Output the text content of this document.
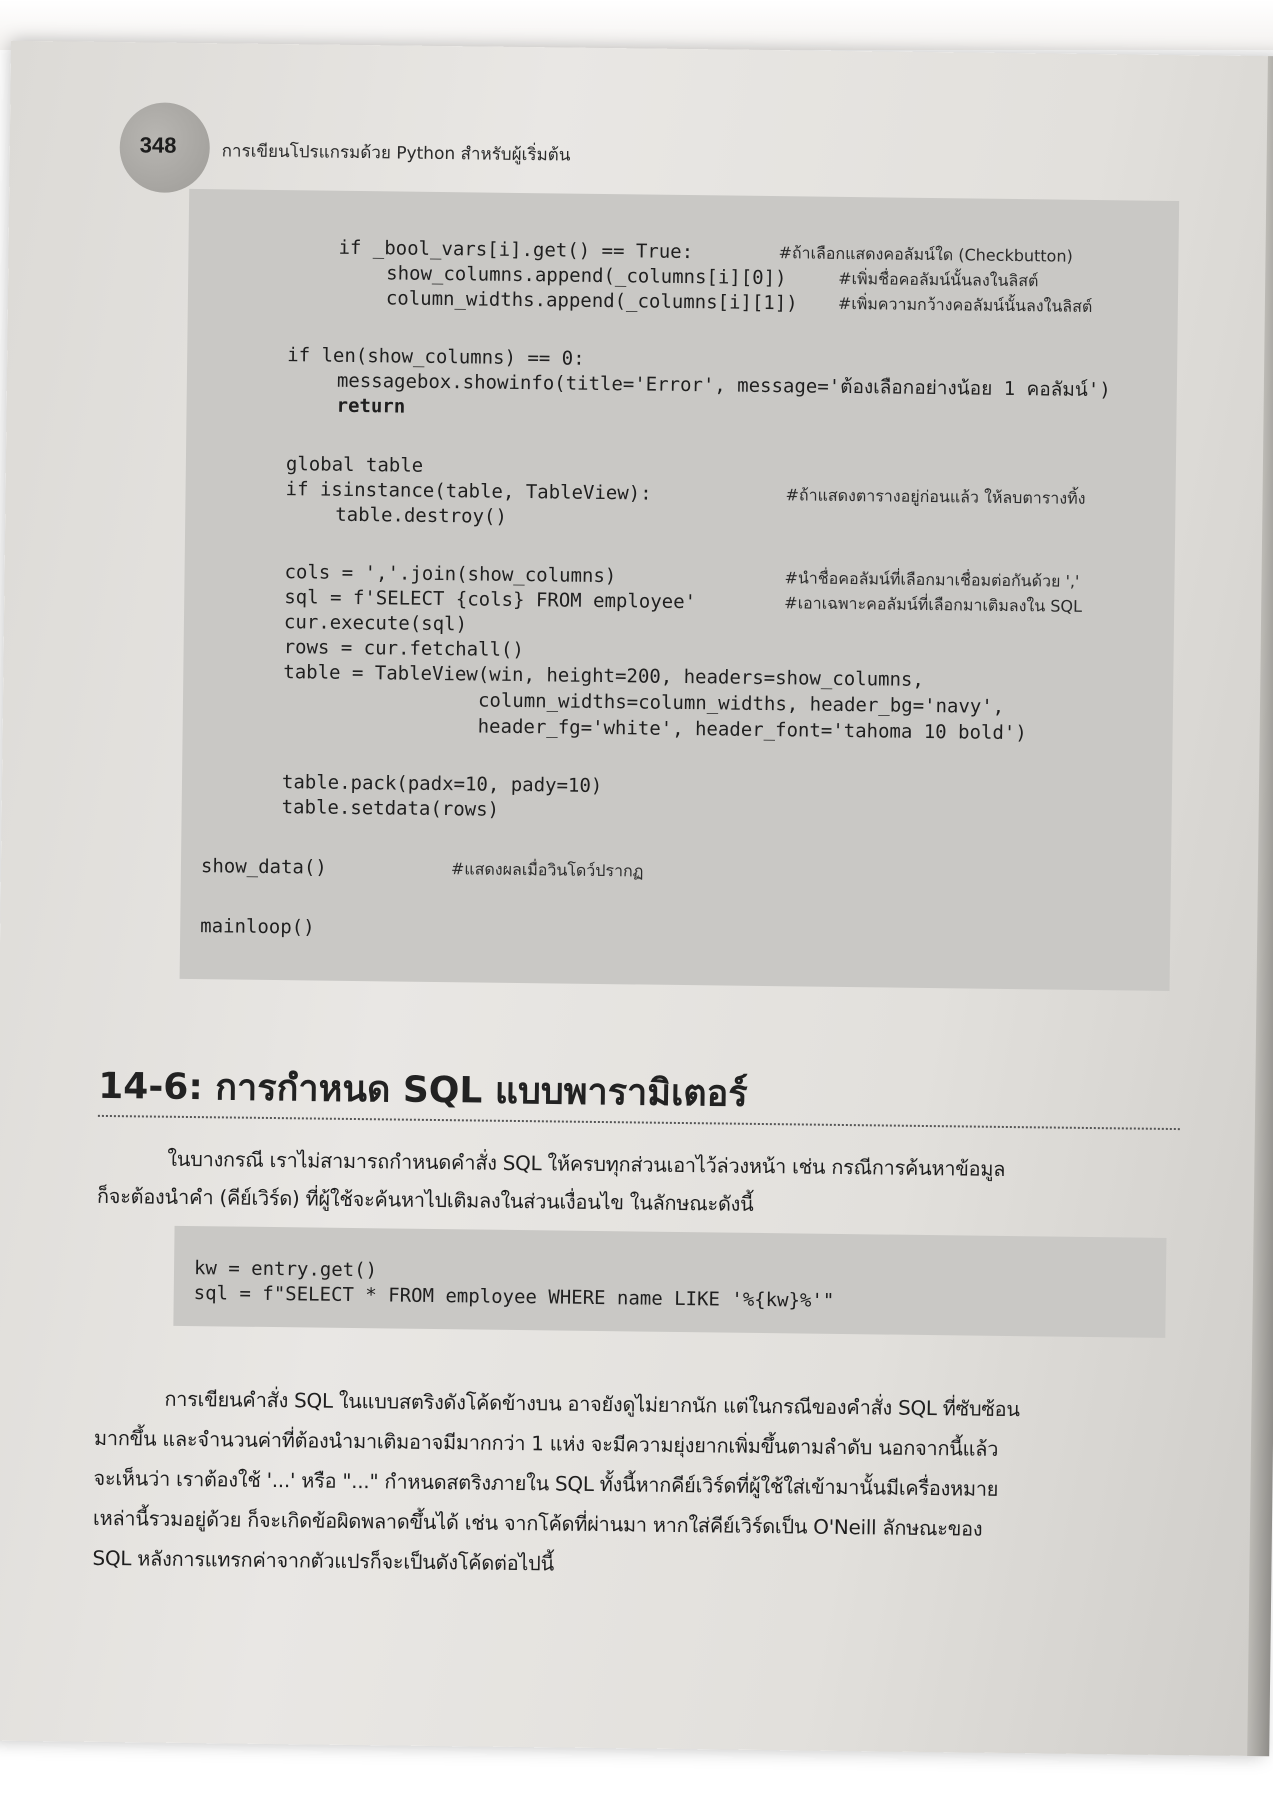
348	การเขียนโปรแกรมด้วย Python สำหรับผู้เริ่มต้น
if _bool_vars[i].get() == True:
show_columns.append(_columns[i][0])
column_widths.append(_columns[i][1])
if len(show_columns) == 0:
messagebox.showinfo(title='Error', message='ต้องเลือกอย่างน้อย 1 คอลัมน์')
return
global table
if isinstance(table, TableView):
table.destroy()
cols = ','.join(show_columns)
sql = f'SELECT {cols} FROM employee'
cur.execute(sql)
rows = cur.fetchall()
table = TableView(win, height=200, headers=show_columns,
column_widths=column_widths, header_bg='navy',
header_fg='white', header_font='tahoma 10 bold')
table.pack(padx=10, pady=10)
table.setdata(rows)
show_data()
mainloop()
#ถ้าเลือกแสดงคอลัมน์ใด (Checkbutton)
#เพิ่มชื่อคอลัมน์นั้นลงในลิสต์
#เพิ่มความกว้างคอลัมน์นั้นลงในลิสต์
#ถ้าแสดงตารางอยู่ก่อนแล้ว ให้ลบตารางทิ้ง
#นำชื่อคอลัมน์ที่เลือกมาเชื่อมต่อกันด้วย ','
#เอาเฉพาะคอลัมน์ที่เลือกมาเติมลงใน SQL
#แสดงผลเมื่อวินโดว์ปรากฏ
14-6: การกำหนด SQL แบบพารามิเตอร์
ในบางกรณี เราไม่สามารถกำหนดคำสั่ง SQL ให้ครบทุกส่วนเอาไว้ล่วงหน้า เช่น กรณีการค้นหาข้อมูล
ก็จะต้องนำคำ (คีย์เวิร์ด) ที่ผู้ใช้จะค้นหาไปเติมลงในส่วนเงื่อนไข ในลักษณะดังนี้
kw = entry.get()
sql = f"SELECT * FROM employee WHERE name LIKE '%{kw}%'"
การเขียนคำสั่ง SQL ในแบบสตริงดังโค้ดข้างบน อาจยังดูไม่ยากนัก แต่ในกรณีของคำสั่ง SQL ที่ซับซ้อน
มากขึ้น และจำนวนค่าที่ต้องนำมาเติมอาจมีมากกว่า 1 แห่ง จะมีความยุ่งยากเพิ่มขึ้นตามลำดับ นอกจากนี้แล้ว
จะเห็นว่า เราต้องใช้ '...' หรือ "..." กำหนดสตริงภายใน SQL ทั้งนี้หากคีย์เวิร์ดที่ผู้ใช้ใส่เข้ามานั้นมีเครื่องหมาย
เหล่านี้รวมอยู่ด้วย ก็จะเกิดข้อผิดพลาดขึ้นได้ เช่น จากโค้ดที่ผ่านมา หากใส่คีย์เวิร์ดเป็น O'Neill ลักษณะของ
SQL หลังการแทรกค่าจากตัวแปรก็จะเป็นดังโค้ดต่อไปนี้
